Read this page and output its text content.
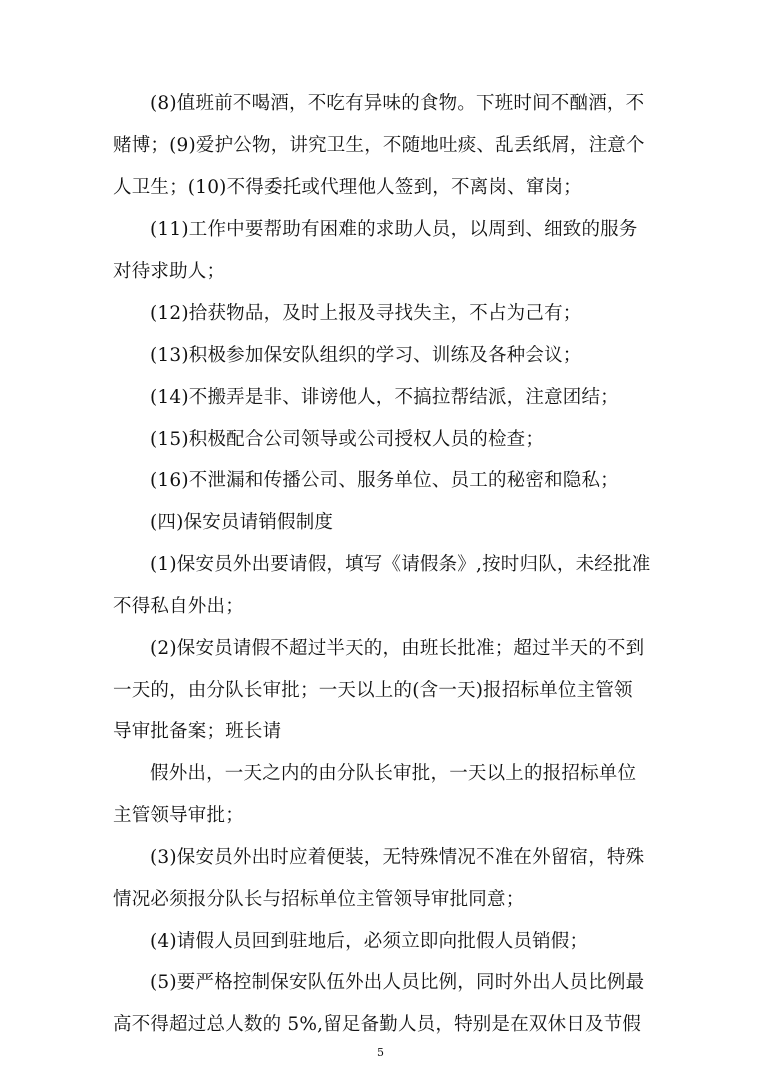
(8)值班前不喝酒，不吃有异味的食物。下班时间不酗酒，不
赌博；(9)爱护公物，讲究卫生，不随地吐痰、乱丢纸屑，注意个
人卫生；(10)不得委托或代理他人签到，不离岗、窜岗；
(11)工作中要帮助有困难的求助人员，以周到、细致的服务
对待求助人；
(12)拾获物品，及时上报及寻找失主，不占为己有；
(13)积极参加保安队组织的学习、训练及各种会议；
(14)不搬弄是非、诽谤他人，不搞拉帮结派，注意团结；
(15)积极配合公司领导或公司授权人员的检查；
(16)不泄漏和传播公司、服务单位、员工的秘密和隐私；
(四)保安员请销假制度
(1)保安员外出要请假，填写《请假条》,按时归队，未经批准
不得私自外出；
(2)保安员请假不超过半天的，由班长批准；超过半天的不到
一天的，由分队长审批；一天以上的(含一天)报招标单位主管领
导审批备案；班长请
假外出，一天之内的由分队长审批，一天以上的报招标单位
主管领导审批；
(3)保安员外出时应着便装，无特殊情况不准在外留宿，特殊
情况必须报分队长与招标单位主管领导审批同意；
(4)请假人员回到驻地后，必须立即向批假人员销假；
(5)要严格控制保安队伍外出人员比例，同时外出人员比例最
高不得超过总人数的 5%,留足备勤人员，特别是在双休日及节假
5
